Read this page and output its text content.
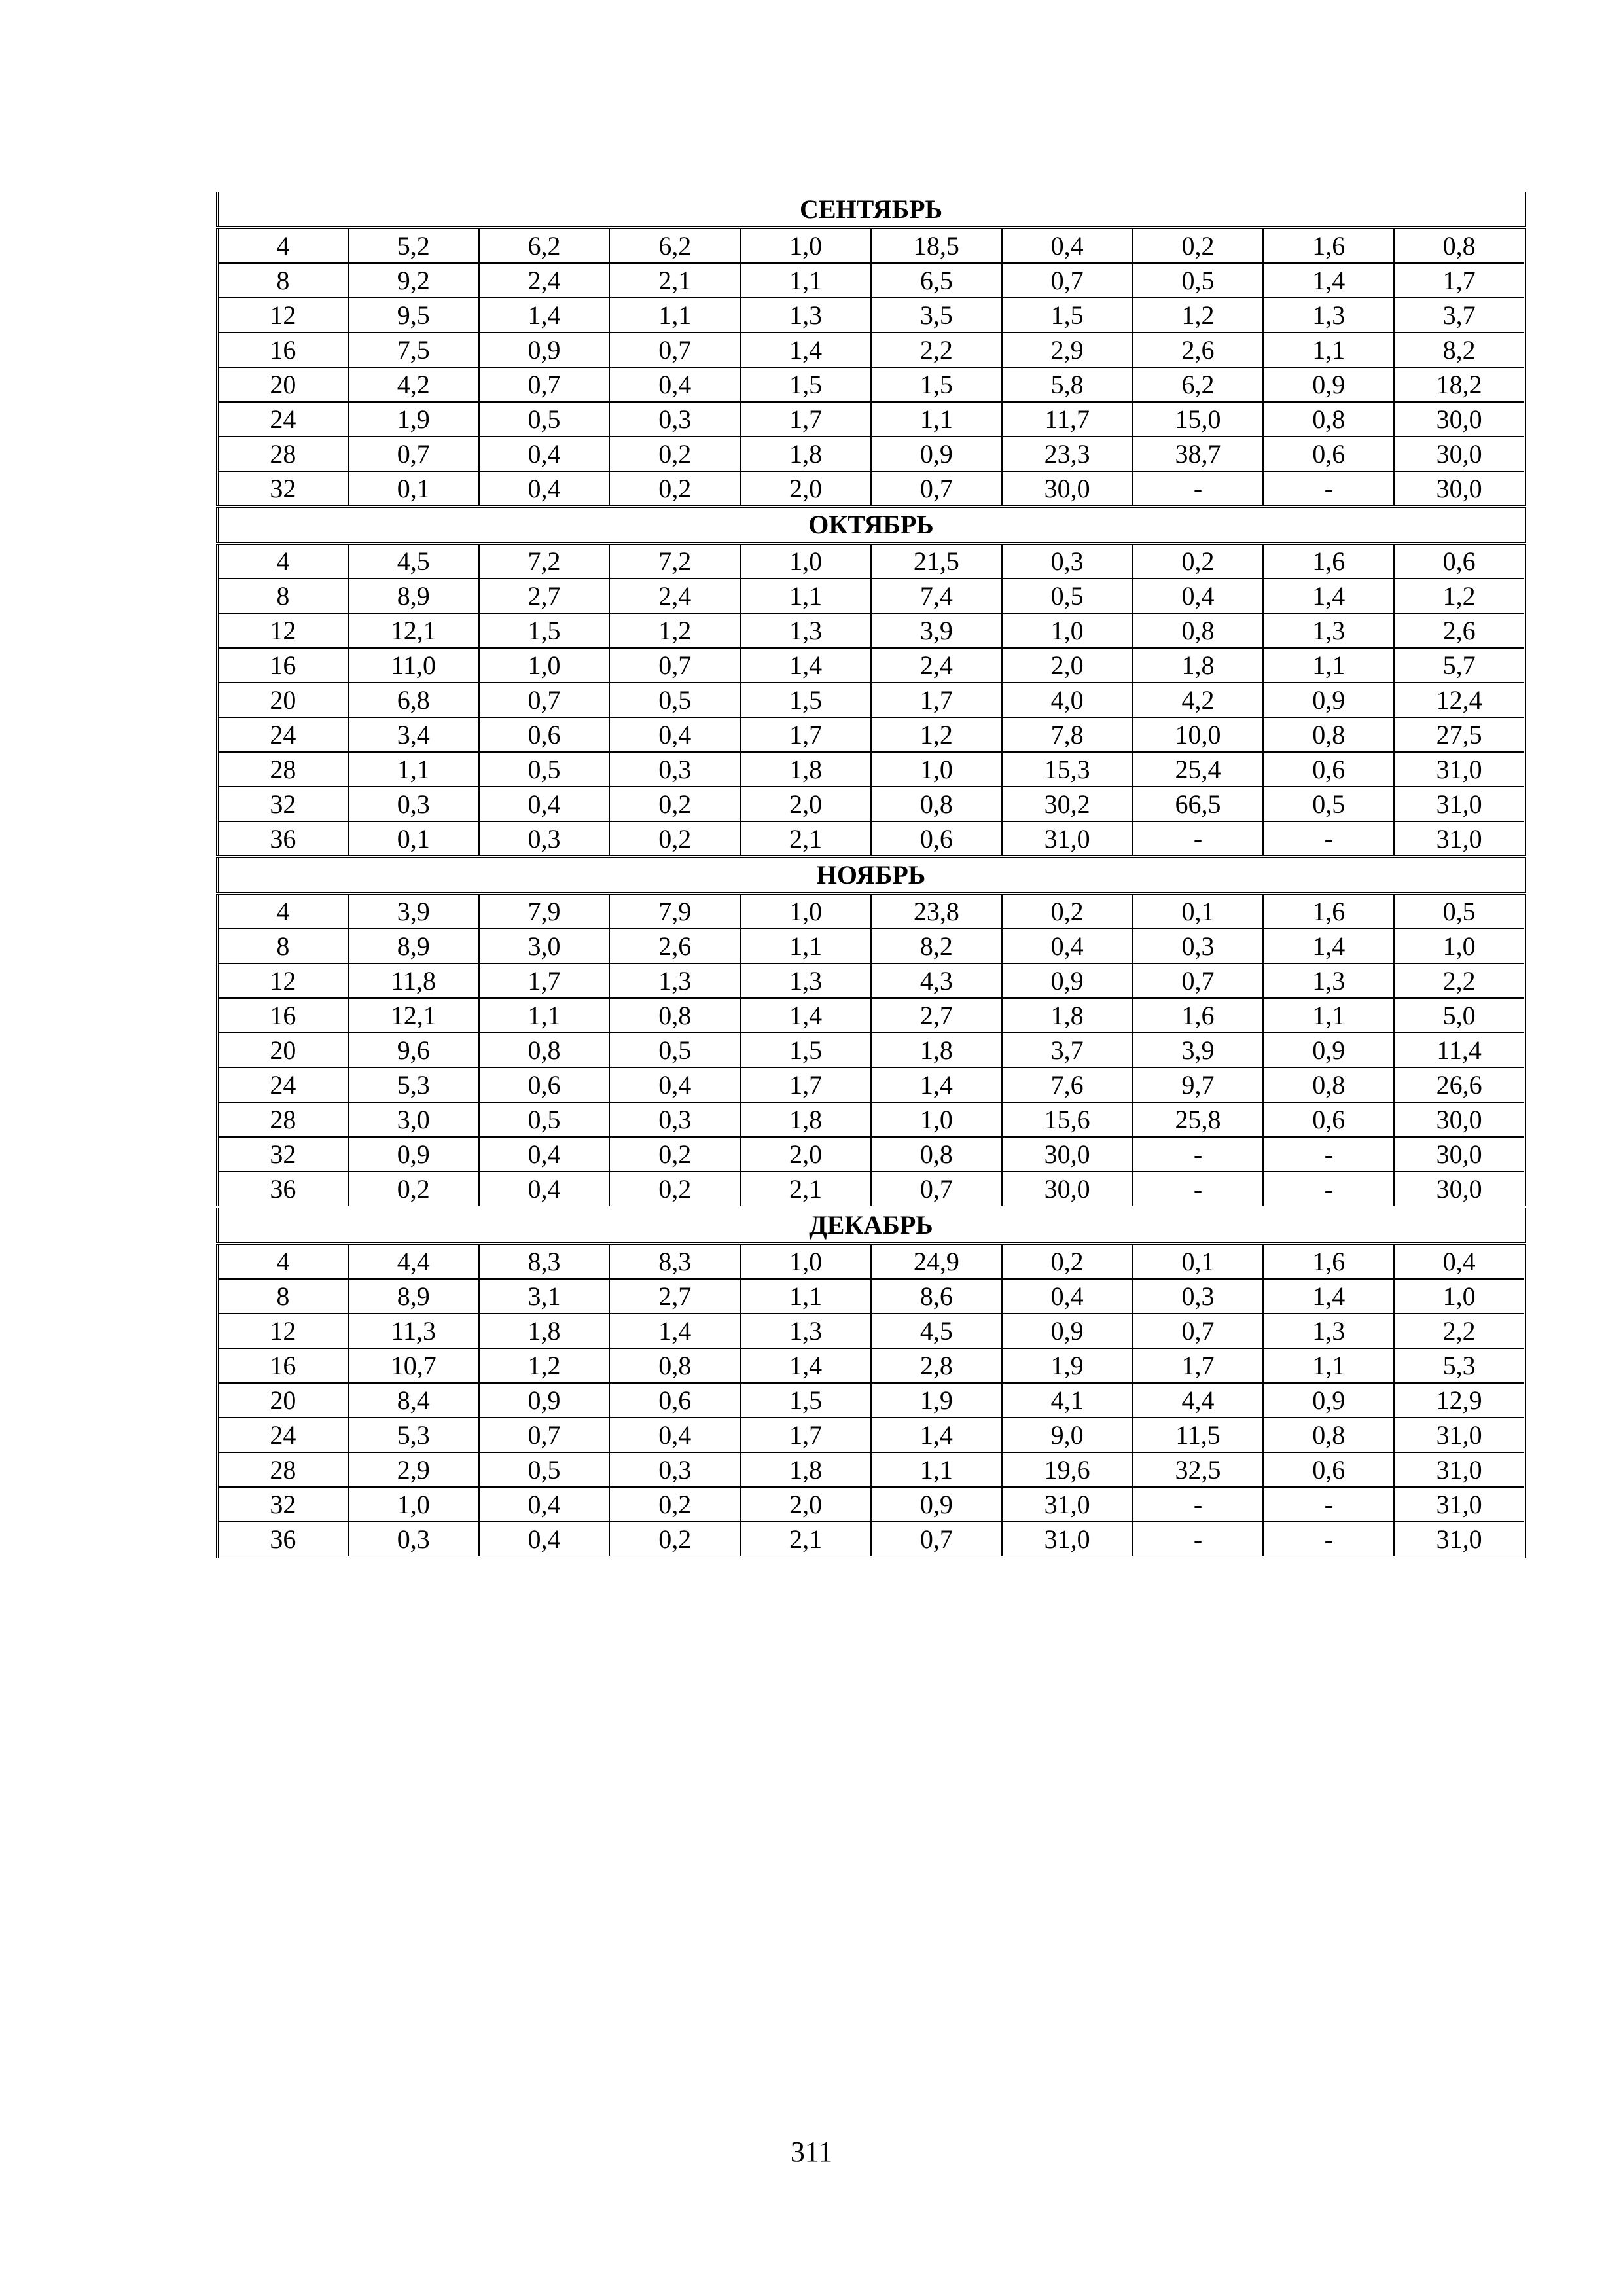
СЕНТЯБРЬ									
4	5,2	6,2	6,2	1,0	18,5	0,4	0,2	1,6	0,8
8	9,2	2,4	2,1	1,1	6,5	0,7	0,5	1,4	1,7
12	9,5	1,4	1,1	1,3	3,5	1,5	1,2	1,3	3,7
16	7,5	0,9	0,7	1,4	2,2	2,9	2,6	1,1	8,2
20	4,2	0,7	0,4	1,5	1,5	5,8	6,2	0,9	18,2
24	1,9	0,5	0,3	1,7	1,1	11,7	15,0	0,8	30,0
28	0,7	0,4	0,2	1,8	0,9	23,3	38,7	0,6	30,0
32	0,1	0,4	0,2	2,0	0,7	30,0	-	-	30,0
ОКТЯБРЬ									
4	4,5	7,2	7,2	1,0	21,5	0,3	0,2	1,6	0,6
8	8,9	2,7	2,4	1,1	7,4	0,5	0,4	1,4	1,2
12	12,1	1,5	1,2	1,3	3,9	1,0	0,8	1,3	2,6
16	11,0	1,0	0,7	1,4	2,4	2,0	1,8	1,1	5,7
20	6,8	0,7	0,5	1,5	1,7	4,0	4,2	0,9	12,4
24	3,4	0,6	0,4	1,7	1,2	7,8	10,0	0,8	27,5
28	1,1	0,5	0,3	1,8	1,0	15,3	25,4	0,6	31,0
32	0,3	0,4	0,2	2,0	0,8	30,2	66,5	0,5	31,0
36	0,1	0,3	0,2	2,1	0,6	31,0	-	-	31,0
НОЯБРЬ									
4	3,9	7,9	7,9	1,0	23,8	0,2	0,1	1,6	0,5
8	8,9	3,0	2,6	1,1	8,2	0,4	0,3	1,4	1,0
12	11,8	1,7	1,3	1,3	4,3	0,9	0,7	1,3	2,2
16	12,1	1,1	0,8	1,4	2,7	1,8	1,6	1,1	5,0
20	9,6	0,8	0,5	1,5	1,8	3,7	3,9	0,9	11,4
24	5,3	0,6	0,4	1,7	1,4	7,6	9,7	0,8	26,6
28	3,0	0,5	0,3	1,8	1,0	15,6	25,8	0,6	30,0
32	0,9	0,4	0,2	2,0	0,8	30,0	-	-	30,0
36	0,2	0,4	0,2	2,1	0,7	30,0	-	-	30,0
ДЕКАБРЬ									
4	4,4	8,3	8,3	1,0	24,9	0,2	0,1	1,6	0,4
8	8,9	3,1	2,7	1,1	8,6	0,4	0,3	1,4	1,0
12	11,3	1,8	1,4	1,3	4,5	0,9	0,7	1,3	2,2
16	10,7	1,2	0,8	1,4	2,8	1,9	1,7	1,1	5,3
20	8,4	0,9	0,6	1,5	1,9	4,1	4,4	0,9	12,9
24	5,3	0,7	0,4	1,7	1,4	9,0	11,5	0,8	31,0
28	2,9	0,5	0,3	1,8	1,1	19,6	32,5	0,6	31,0
32	1,0	0,4	0,2	2,0	0,9	31,0	-	-	31,0
36	0,3	0,4	0,2	2,1	0,7	31,0	-	-	31,0
311
